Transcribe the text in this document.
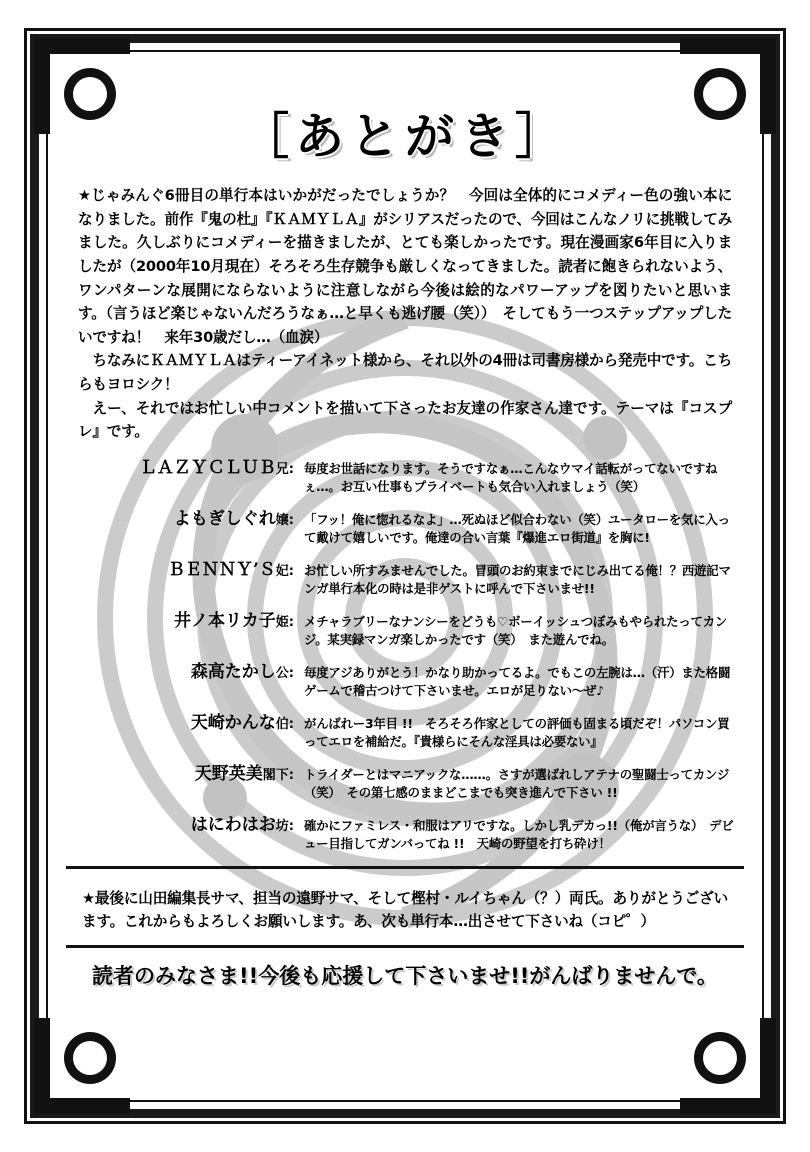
［あとがき］

★じゃみんぐ6冊目の単行本はいかがだったでしょうか？　今回は全体的にコメディー色の強い本になりました。前作『鬼の杜』『ＫＡＭＹＬＡ』がシリアスだったので、今回はこんなノリに挑戦してみました。久しぶりにコメディーを描きましたが、とても楽しかったです。現在漫画家6年目に入りましたが（2000年10月現在）そろそろ生存競争も厳しくなってきました。読者に飽きられないよう、ワンパターンな展開にならないように注意しながら今後は絵的なパワーアップを図りたいと思います。（言うほど楽じゃないんだろうなぁ…と早くも逃げ腰（笑））　そしてもう一つステップアップしたいですね！　来年30歳だし…（血涙）

　ちなみにＫＡＭＹＬＡはティーアイネット様から、それ以外の4冊は司書房様から発売中です。こちらもヨロシク！

　えー、それではお忙しい中コメントを描いて下さったお友達の作家さん達です。テーマは『コスプレ』です。

ＬＡＺＹＣＬＵＢ兄: 毎度お世話になります。そうですなぁ…こんなウマイ話転がってないですねぇ…。お互い仕事もプライベートも気合い入れましょう（笑）
よもぎしぐれ嬢: 「フッ！俺に惚れるなよ」…死ぬほど似合わない（笑）ユータローを気に入って戴けて嬉しいです。俺達の合い言葉『爆進エロ街道』を胸に!
ＢＥＮＮＹ’Ｓ妃: お忙しい所すみませんでした。冒頭のお約束までにじみ出てる俺！？西遊記マンガ単行本化の時は是非ゲストに呼んで下さいませ!!
井ノ本リカ子姫: メチャラブリーなナンシーをどうも♡ボーイッシュつぼみもやられたってカンジ。某実録マンガ楽しかったです（笑）　また遊んでね。
森高たかし公: 毎度アジありがとう！かなり助かってるよ。でもこの左腕は…（汗）また格闘ゲームで稽古つけて下さいませ。エロが足りない〜ぜ♪
天崎かんな伯: がんばれー3年目 !!　そろそろ作家としての評価も固まる頃だぞ！パソコン買ってエロを補給だ。『貴様らにそんな淫具は必要ない』
天野英美閣下: トライダーとはマニアックな……。さすが選ばれしアテナの聖闘士ってカンジ（笑）　その第七感のままどこまでも突き進んで下さい !!
はにわはお坊: 確かにファミレス・和服はアリですな。しかし乳デカっ!!（俺が言うな）　デビュー目指してガンバってね !!　天崎の野望を打ち砕け！
★最後に山田編集長サマ、担当の遠野サマ、そして樫村・ルイちゃん（？）両氏。ありがとうございます。これからもよろしくお願いします。あ、次も単行本…出させて下さいね（コピ゜）
読者のみなさま!!今後も応援して下さいませ!!がんばりませんで。
